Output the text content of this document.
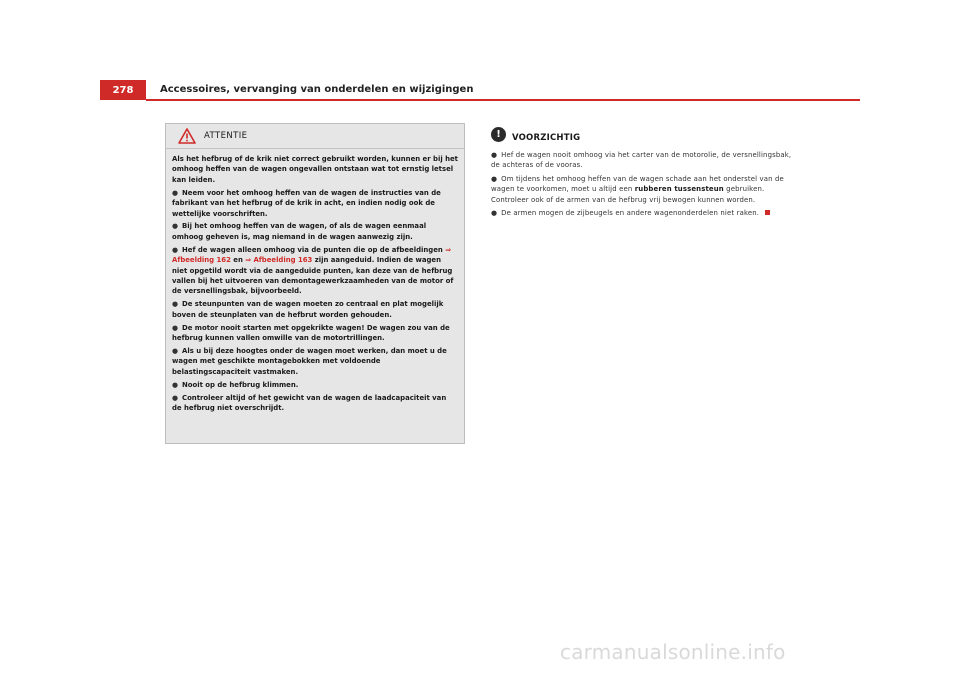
278	Accessoires, vervanging van onderdelen en wijzigingen
ATTENTIE

Als het hefbrug of de krik niet correct gebruikt worden, kunnen er bij het omhoog heffen van de wagen ongevallen ontstaan wat tot ernstig letsel kan leiden.

● Neem voor het omhoog heffen van de wagen de instructies van de fabrikant van het hefbrug of de krik in acht, en indien nodig ook de wettelijke voorschriften.

● Bij het omhoog heffen van de wagen, of als de wagen eenmaal omhoog geheven is, mag niemand in de wagen aanwezig zijn.

● Hef de wagen alleen omhoog via de punten die op de afbeeldingen ⇒ Afbeelding 162 en ⇒ Afbeelding 163 zijn aangeduid. Indien de wagen niet opgetild wordt via de aangeduide punten, kan deze van de hefbrug vallen bij het uitvoeren van demontagewerkzaamheden van de motor of de versnellingsbak, bijvoorbeeld.

● De steunpunten van de wagen moeten zo centraal en plat mogelijk boven de steunplaten van de hefbrut worden gehouden.

● De motor nooit starten met opgekrikte wagen! De wagen zou van de hefbrug kunnen vallen omwille van de motortrillingen.

● Als u bij deze hoogtes onder de wagen moet werken, dan moet u de wagen met geschikte montagebokken met voldoende belastingscapaciteit vastmaken.

● Nooit op de hefbrug klimmen.

● Controleer altijd of het gewicht van de wagen de laadcapaciteit van de hefbrug niet overschrijdt.

!	VOORZICHTIG

● Hef de wagen nooit omhoog via het carter van de motorolie, de versnellingsbak, de achteras of de vooras.

● Om tijdens het omhoog heffen van de wagen schade aan het onderstel van de wagen te voorkomen, moet u altijd een rubberen tussensteun gebruiken. Controleer ook of de armen van de hefbrug vrij bewogen kunnen worden.

● De armen mogen de zijbeugels en andere wagenonderdelen niet raken.

carmanualsonline.info
